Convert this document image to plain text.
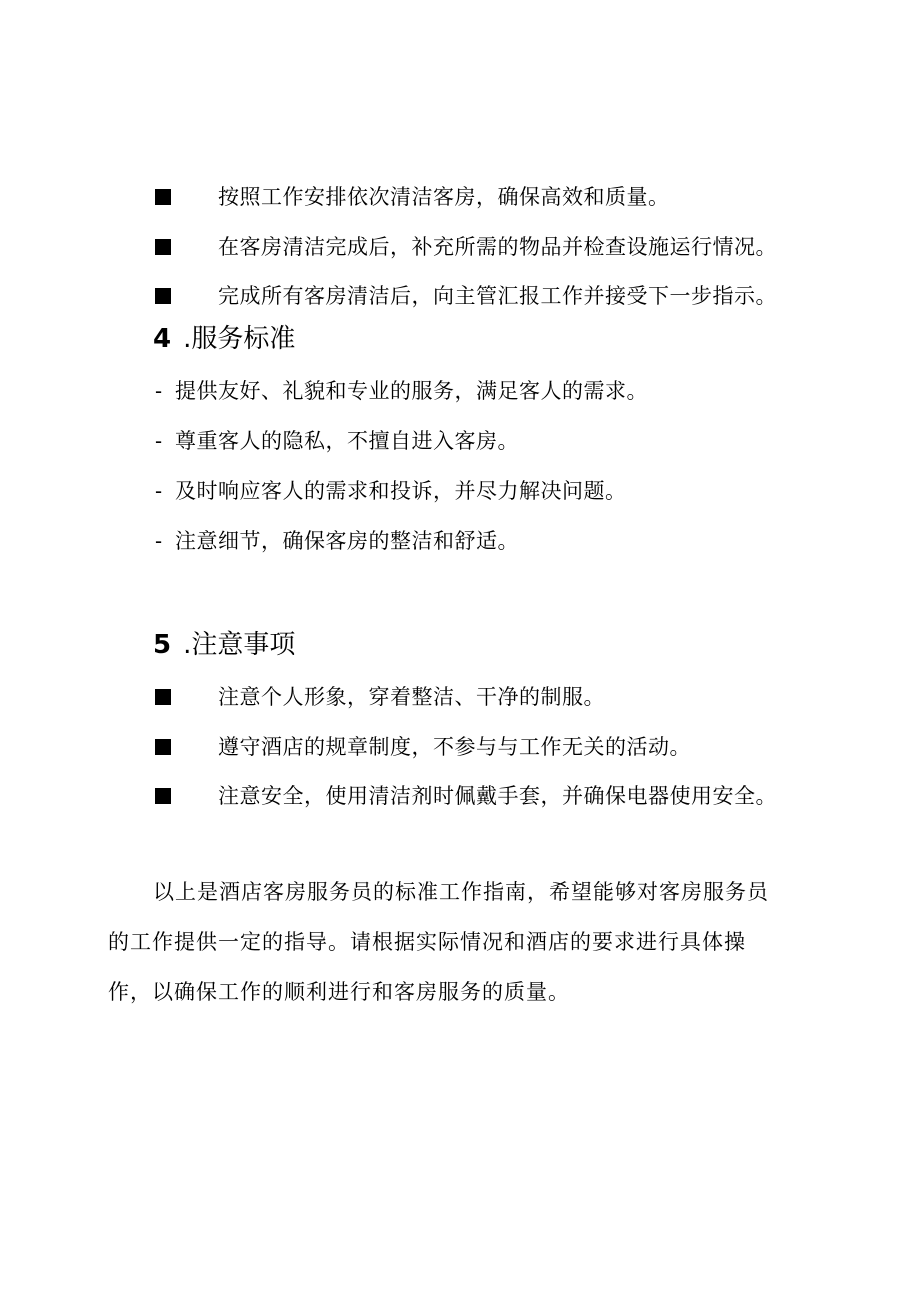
按照工作安排依次清洁客房，确保高效和质量。
在客房清洁完成后，补充所需的物品并检查设施运行情况。
完成所有客房清洁后，向主管汇报工作并接受下一步指示。
4 .服务标准
- 提供友好、礼貌和专业的服务，满足客人的需求。
- 尊重客人的隐私，不擅自进入客房。
- 及时响应客人的需求和投诉，并尽力解决问题。
- 注意细节，确保客房的整洁和舒适。
5 .注意事项
注意个人形象，穿着整洁、干净的制服。
遵守酒店的规章制度，不参与与工作无关的活动。
注意安全，使用清洁剂时佩戴手套，并确保电器使用安全。
以上是酒店客房服务员的标准工作指南，希望能够对客房服务员
的工作提供一定的指导。请根据实际情况和酒店的要求进行具体操
作，以确保工作的顺利进行和客房服务的质量。
